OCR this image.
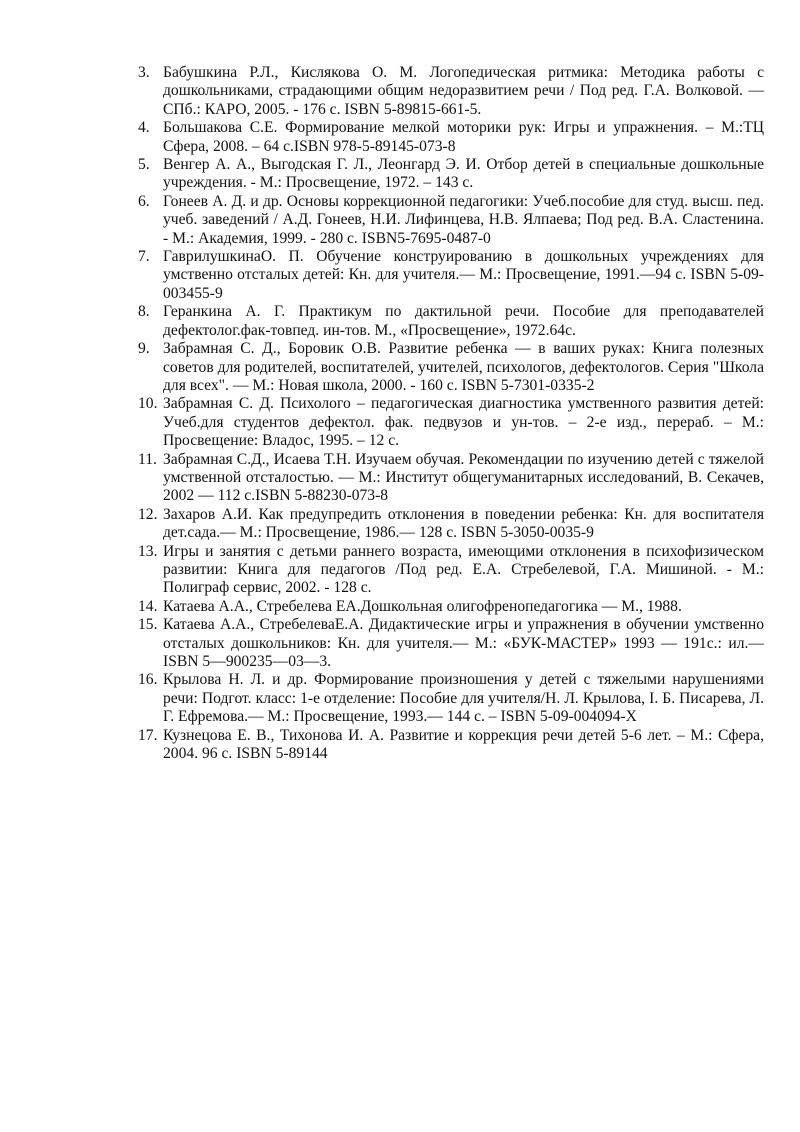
3. Бабушкина Р.Л., Кислякова О. М. Логопедическая ритмика: Методика работы с дошкольниками, страдающими общим недоразвитием речи / Под ред. Г.А. Волковой. —СПб.: КАРО, 2005. - 176 с. ISBN 5-89815-661-5.
4. Большакова С.Е. Формирование мелкой моторики рук: Игры и упражнения. – М.:ТЦ Сфера, 2008. – 64 с.ISBN 978-5-89145-073-8
5. Венгер А. А., Выгодская Г. Л., Леонгард Э. И. Отбор детей в специальные дошкольные учреждения. - М.: Просвещение, 1972. – 143 с.
6. Гонеев А. Д. и др. Основы коррекционной педагогики: Учеб.пособие для студ. высш. пед. учеб. заведений / А.Д. Гонеев, Н.И. Лифинцева, Н.В. Ялпаева; Под ред. В.А. Сластенина. - М.: Академия, 1999. - 280 с. ISBN5-7695-0487-0
7. ГаврилушкинаО. П. Обучение конструированию в дошкольных учреждениях для умственно отсталых детей: Кн. для учителя.— М.: Просвещение, 1991.—94 с. ISBN 5-09-003455-9
8. Геранкина А. Г. Практикум по дактильной речи. Пособие для преподавателей дефектолог.фак-товпед. ин-тов. М., «Просвещение», 1972.64с.
9. Забрамная С. Д., Боровик О.В. Развитие ребенка — в ваших руках: Книга полезных советов для родителей, воспитателей, учителей, психологов, дефектологов. Серия "Школа для всех". — М.: Новая школа, 2000. - 160 с. ISBN 5-7301-0335-2
10. Забрамная С. Д. Психолого – педагогическая диагностика умственного развития детей: Учеб.для студентов дефектол. фак. педвузов и ун-тов. – 2-е изд., перераб. – М.: Просвещение: Владос, 1995. – 12 с.
11. Забрамная С.Д., Исаева Т.Н. Изучаем обучая. Рекомендации по изучению детей с тяжелой умственной отсталостью. — М.: Институт общегуманитарных исследований, В. Секачев, 2002 — 112 с.ISBN 5-88230-073-8
12. Захаров А.И. Как предупредить отклонения в поведении ребенка: Кн. для воспитателя дет.сада.— М.: Просвещение, 1986.— 128 с. ISBN 5-3050-0035-9
13. Игры и занятия с детьми раннего возраста, имеющими отклонения в психофизическом развитии: Книга для педагогов /Под ред. Е.А. Стребелевой, Г.А. Мишиной. - М.: Полиграф сервис, 2002. - 128 с.
14. Катаева А.А., Стребелева ЕА.Дошкольная олигофренопедагогика — М., 1988.
15. Катаева А.А., СтребелеваЕ.А. Дидактические игры и упражнения в обучении умственно отсталых дошкольников: Кн. для учителя.— М.: «БУК-МАСТЕР» 1993 — 191с.: ил.— ISBN 5—900235—03—3.
16. Крылова Н. Л. и др. Формирование произношения у детей с тяжелыми нарушениями речи: Подгот. класс: 1-е отделение: Пособие для учителя/Н. Л. Крылова, І. Б. Писарева, Л. Г. Ефремова.— М.: Просвещение, 1993.— 144 с. – ISBN 5-09-004094-Х
17. Кузнецова Е. В., Тихонова И. А. Развитие и коррекция речи детей 5-6 лет. – М.: Сфера, 2004. 96 с. ISBN 5-89144
